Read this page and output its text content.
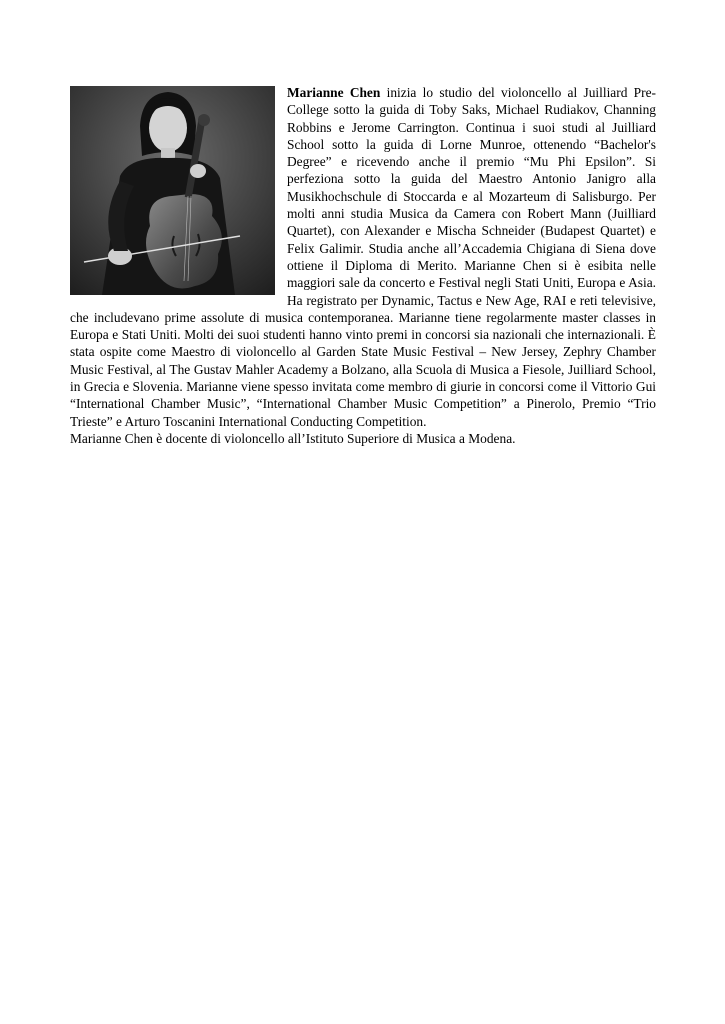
Marianne Chen inizia lo studio del violoncello al Juilliard Pre-College sotto la guida di Toby Saks, Michael Rudiakov, Channing Robbins e Jerome Carrington. Continua i suoi studi al Juilliard School sotto la guida di Lorne Munroe, ottenendo “Bachelor's Degree” e ricevendo anche il premio “Mu Phi Epsilon”. Si perfeziona sotto la guida del Maestro Antonio Janigro alla Musikhochschule di Stoccarda e al Mozarteum di Salisburgo. Per molti anni studia Musica da Camera con Robert Mann (Juilliard Quartet), con Alexander e Mischa Schneider (Budapest Quartet) e Felix Galimir. Studia anche all’Accademia Chigiana di Siena dove ottiene il Diploma di Merito. Marianne Chen si è esibita nelle maggiori sale da concerto e Festival negli Stati Uniti, Europa e Asia. Ha registrato per Dynamic, Tactus e New Age, RAI e reti televisive, che includevano prime assolute di musica contemporanea. Marianne tiene regolarmente master classes in Europa e Stati Uniti. Molti dei suoi studenti hanno vinto premi in concorsi sia nazionali che internazionali. È stata ospite come Maestro di violoncello al Garden State Music Festival – New Jersey, Zephry Chamber Music Festival, al The Gustav Mahler Academy a Bolzano, alla Scuola di Musica a Fiesole, Juilliard School, in Grecia e Slovenia. Marianne viene spesso invitata come membro di giurie in concorsi come il Vittorio Gui “International Chamber Music”, “International Chamber Music Competition” a Pinerolo, Premio “Trio Trieste” e Arturo Toscanini International Conducting Competition.

Marianne Chen è docente di violoncello all’Istituto Superiore di Musica a Modena.
